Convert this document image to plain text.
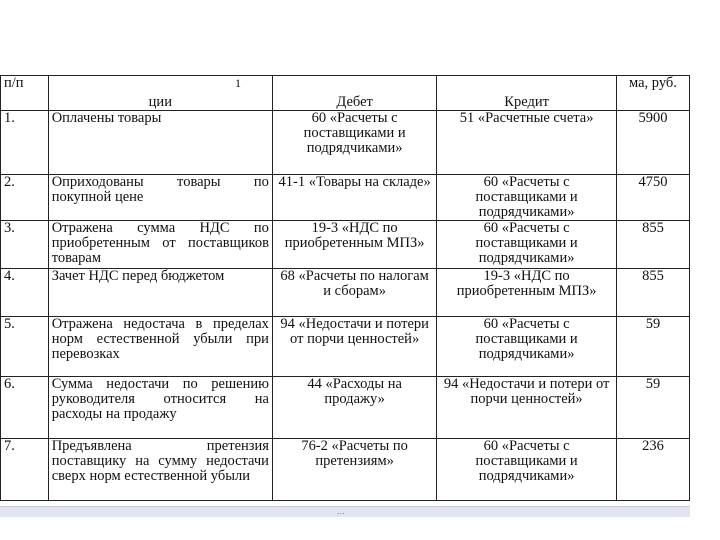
п/п	ции	Дебет	Кредит	ма, руб.
1.	Оплачены товары	60 «Расчеты с поставщиками и подрядчиками»	51 «Расчетные счета»	5900
2.	Оприходованы товары по покупной цене	41-1 «Товары на складе»	60 «Расчеты с поставщиками и подрядчиками»	4750
3.	Отражена сумма НДС по приобретенным от поставщиков товарам	19-3 «НДС по приобретенным МПЗ»	60 «Расчеты с поставщиками и подрядчиками»	855
4.	Зачет НДС перед бюджетом	68 «Расчеты по налогам и сборам»	19-3 «НДС по приобретенным МПЗ»	855
5.	Отражена недостача в пределах норм естественной убыли при перевозках	94 «Недостачи и потери от порчи ценностей»	60 «Расчеты с поставщиками и подрядчиками»	59
6.	Сумма недостачи по решению руководителя относится на расходы на продажу	44 «Расходы на продажу»	94 «Недостачи и потери от порчи ценностей»	59
7.	Предъявлена претензия поставщику на сумму недостачи сверх норм естественной убыли	76-2 «Расчеты по претензиям»	60 «Расчеты с поставщиками и подрядчиками»	236
1
...
